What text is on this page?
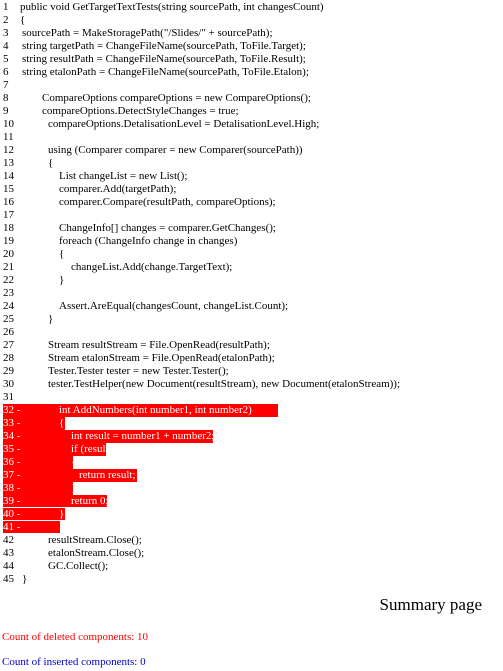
1 public void GetTargetTextTests(string sourcePath, int changesCount)
2 {
3 sourcePath = MakeStoragePath("/Slides/" + sourcePath);
4 string targetPath = ChangeFileName(sourcePath, ToFile.Target);
5 string resultPath = ChangeFileName(sourcePath, ToFile.Result);
6 string etalonPath = ChangeFileName(sourcePath, ToFile.Etalon);
7
8	CompareOptions compareOptions = new CompareOptions();
9	compareOptions.DetectStyleChanges = true;
10	compareOptions.DetalisationLevel = DetalisationLevel.High;
11
12	using (Comparer comparer = new Comparer(sourcePath))
13	{
14	List changeList = new List();
15	comparer.Add(targetPath);
16	comparer.Compare(resultPath, compareOptions);
17
18	ChangeInfo[] changes = comparer.GetChanges();
19	foreach (ChangeInfo change in changes)
20	{
21	changeList.Add(change.TargetText);
22	}
23
24	Assert.AreEqual(changesCount, changeList.Count);
25	}
26
27	Stream resultStream = File.OpenRead(resultPath);
28	Stream etalonStream = File.OpenRead(etalonPath);
29	Tester.Tester tester = new Tester.Tester();
30	tester.TestHelper(new Document(resultStream), new Document(etalonStream));
31
32 -	int AddNumbers(int number1, int number2)
33 -	{
34 -	int result = number1 + number2;
35 -	if (result > 10)
36 -	{
37 -	return result;
38 -	}
39 -	return 0;
40 -	}
41 -
42	resultStream.Close();
43	etalonStream.Close();
44	GC.Collect();
45 }
Summary page
Count of deleted components: 10
Count of inserted components: 0
